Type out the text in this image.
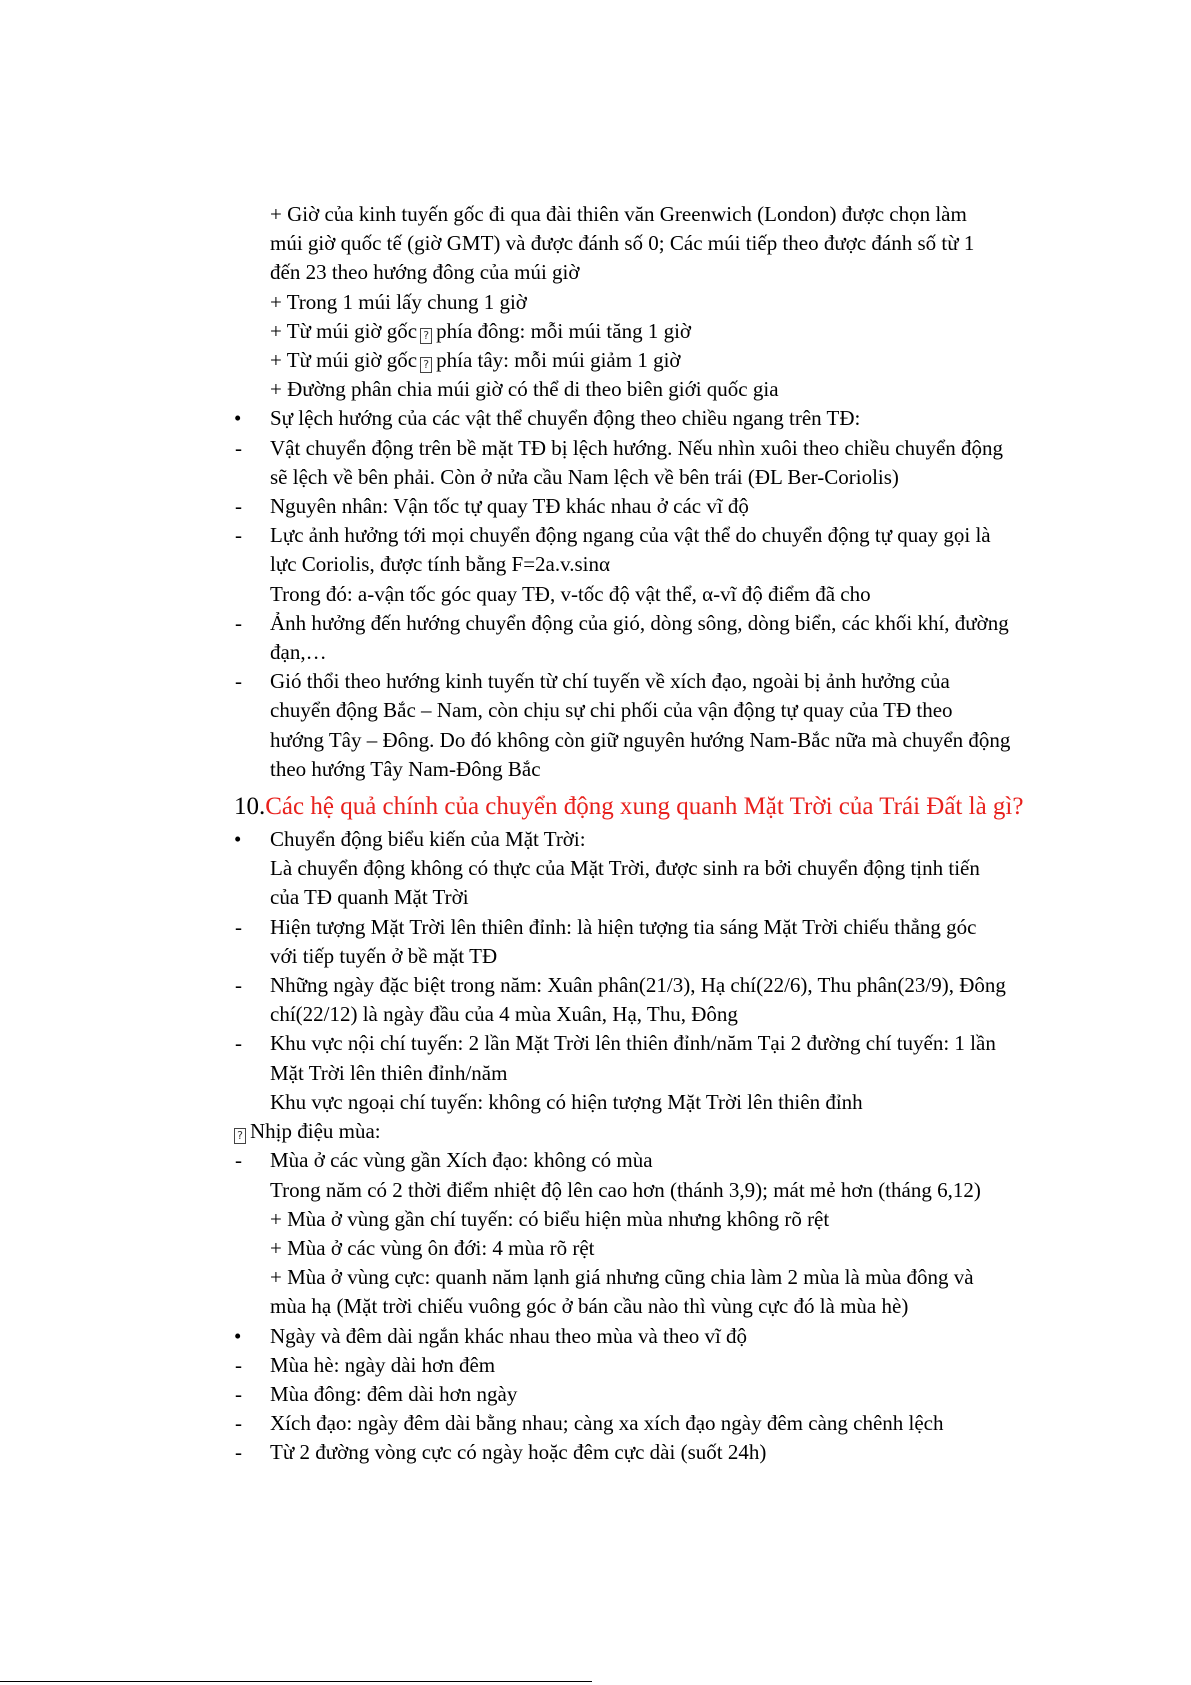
+ Giờ của kinh tuyến gốc đi qua đài thiên văn Greenwich (London) được chọn làm
múi giờ quốc tế (giờ GMT) và được đánh số 0; Các múi tiếp theo được đánh số từ 1
đến 23 theo hướng đông của múi giờ
+ Trong 1 múi lấy chung 1 giờ
+ Từ múi giờ gốc ? phía đông: mỗi múi tăng 1 giờ
+ Từ múi giờ gốc ? phía tây: mỗi múi giảm 1 giờ
+ Đường phân chia múi giờ có thể di theo biên giới quốc gia
•	Sự lệch hướng của các vật thể chuyển động theo chiều ngang trên TĐ:
-	Vật chuyển động trên bề mặt TĐ bị lệch hướng. Nếu nhìn xuôi theo chiều chuyển động
sẽ lệch về bên phải. Còn ở nửa cầu Nam lệch về bên trái (ĐL Ber-Coriolis)
-	Nguyên nhân: Vận tốc tự quay TĐ khác nhau ở các vĩ độ
-	Lực ảnh hưởng tới mọi chuyển động ngang của vật thể do chuyển động tự quay gọi là
lực Coriolis, được tính bằng F=2a.v.sinα
Trong đó: a-vận tốc góc quay TĐ, v-tốc độ vật thể, α-vĩ độ điểm đã cho
-	Ảnh hưởng đến hướng chuyển động của gió, dòng sông, dòng biển, các khối khí, đường
đạn,…
-	Gió thổi theo hướng kinh tuyến từ chí tuyến về xích đạo, ngoài bị ảnh hưởng của
chuyển động Bắc – Nam, còn chịu sự chi phối của vận động tự quay của TĐ theo
hướng Tây – Đông. Do đó không còn giữ nguyên hướng Nam-Bắc nữa mà chuyển động
theo hướng Tây Nam-Đông Bắc
10.Các hệ quả chính của chuyển động xung quanh Mặt Trời của Trái Đất là gì?
•	Chuyển động biểu kiến của Mặt Trời:
Là chuyển động không có thực của Mặt Trời, được sinh ra bởi chuyển động tịnh tiến
của TĐ quanh Mặt Trời
-	Hiện tượng Mặt Trời lên thiên đỉnh: là hiện tượng tia sáng Mặt Trời chiếu thẳng góc
với tiếp tuyến ở bề mặt TĐ
-	Những ngày đặc biệt trong năm: Xuân phân(21/3), Hạ chí(22/6), Thu phân(23/9), Đông
chí(22/12) là ngày đầu của 4 mùa Xuân, Hạ, Thu, Đông
-	Khu vực nội chí tuyến: 2 lần Mặt Trời lên thiên đỉnh/năm Tại 2 đường chí tuyến: 1 lần
Mặt Trời lên thiên đỉnh/năm
Khu vực ngoại chí tuyến: không có hiện tượng Mặt Trời lên thiên đỉnh
? Nhịp điệu mùa:
-	Mùa ở các vùng gần Xích đạo: không có mùa
Trong năm có 2 thời điểm nhiệt độ lên cao hơn (thánh 3,9); mát mẻ hơn (tháng 6,12)
+ Mùa ở vùng gần chí tuyến: có biểu hiện mùa nhưng không rõ rệt
+ Mùa ở các vùng ôn đới: 4 mùa rõ rệt
+ Mùa ở vùng cực: quanh năm lạnh giá nhưng cũng chia làm 2 mùa là mùa đông và
mùa hạ (Mặt trời chiếu vuông góc ở bán cầu nào thì vùng cực đó là mùa hè)
•	Ngày và đêm dài ngắn khác nhau theo mùa và theo vĩ độ
-	Mùa hè: ngày dài hơn đêm
-	Mùa đông: đêm dài hơn ngày
-	Xích đạo: ngày đêm dài bằng nhau; càng xa xích đạo ngày đêm càng chênh lệch
-	Từ 2 đường vòng cực có ngày hoặc đêm cực dài (suốt 24h)
